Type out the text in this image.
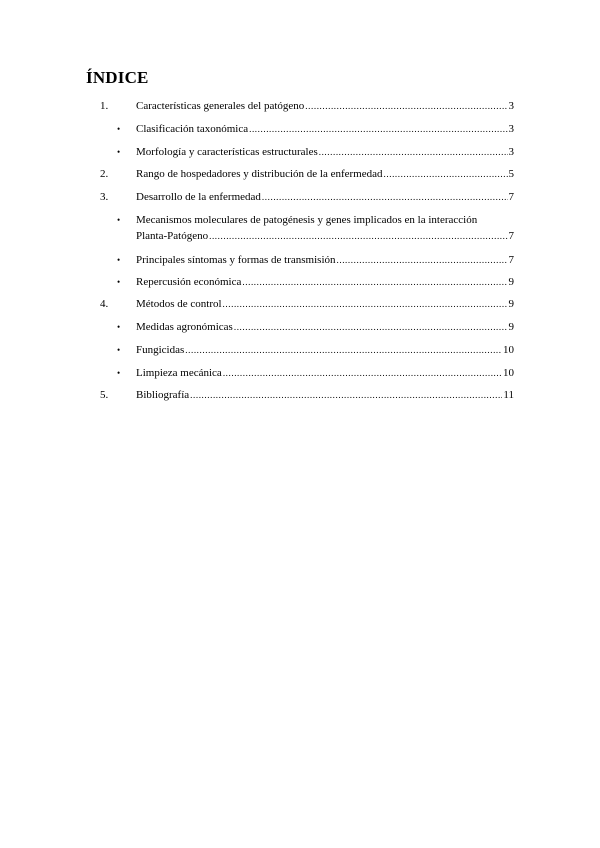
ÍNDICE
1.	Características generales del patógeno .....	3
• Clasificación taxonómica .....	3
• Morfología y características estructurales .....	3
2.	Rango de hospedadores y distribución de la enfermedad .....	5
3.	Desarrollo de la enfermedad .....	7
• Mecanismos moleculares de patogénesis y genes implicados en la interacción
Planta-Patógeno .....	7
• Principales síntomas y formas de transmisión .....	7
• Repercusión económica .....	9
4.	Métodos de control .....	9
• Medidas agronómicas .....	9
• Fungicidas .....	10
• Limpieza mecánica .....	10
5.	Bibliografía .....	11
